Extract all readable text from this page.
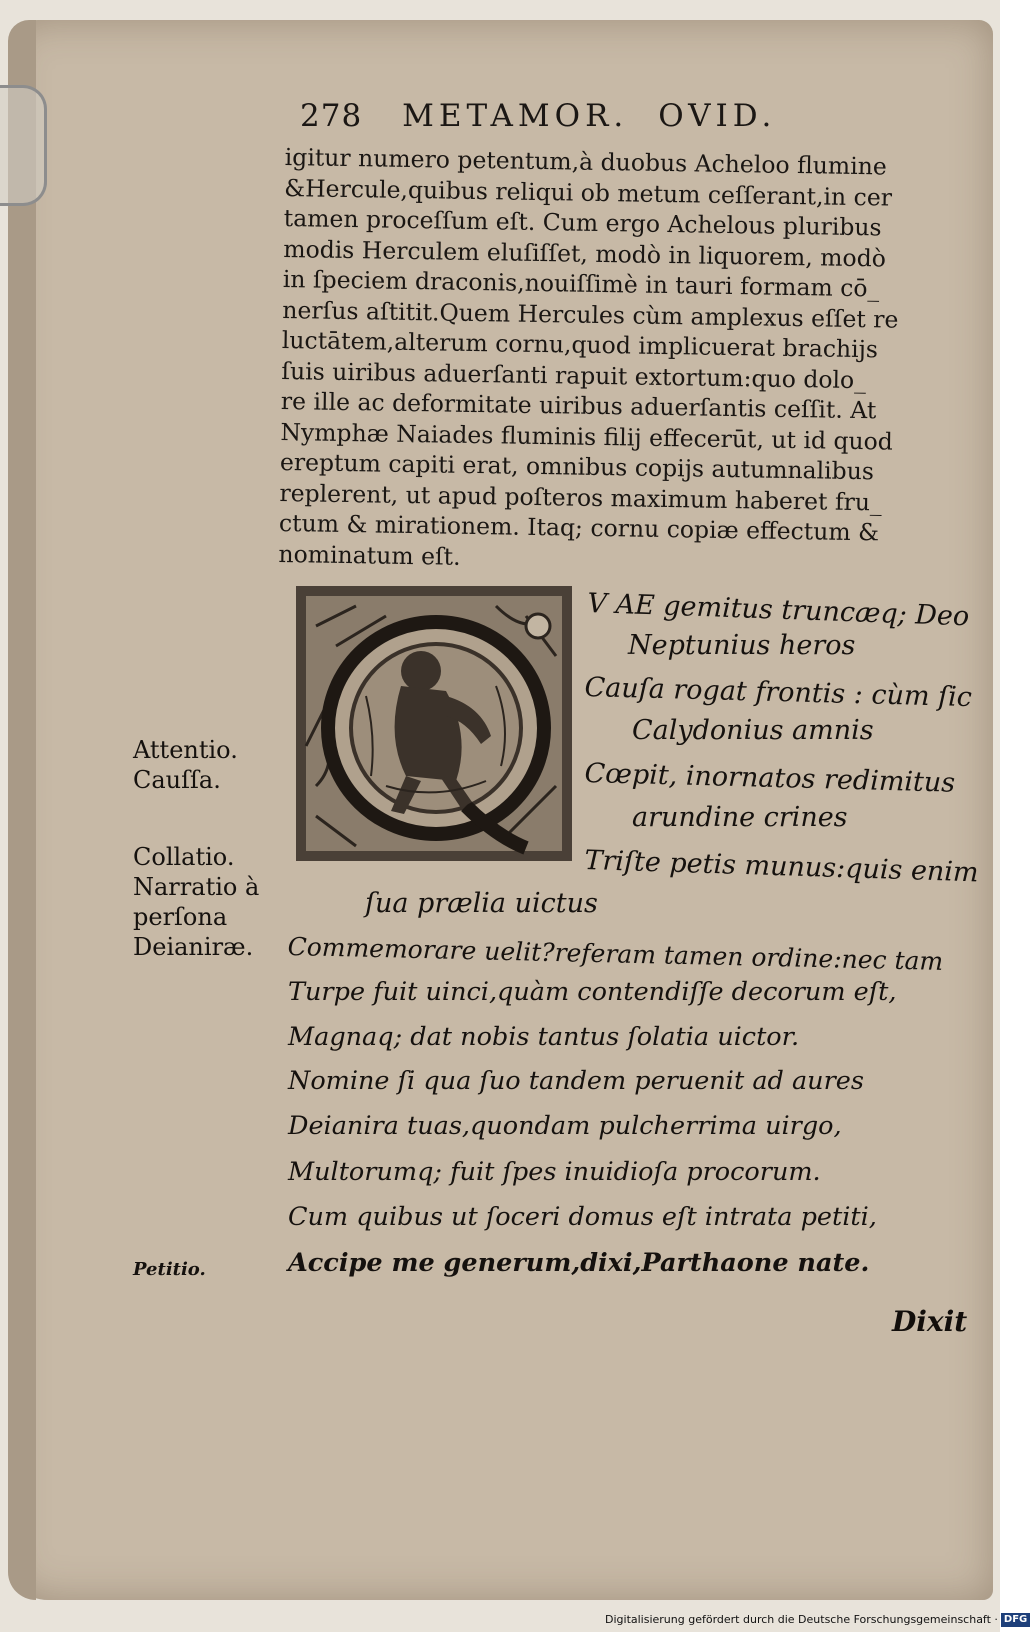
278 METAMOR. OVID.
igitur numero petentum,à duobus Acheloo flumine
&Hercule,quibus reliqui ob metum ceſſerant,in cer
tamen proceſſum eſt. Cum ergo Achelous pluribus
modis Herculem eluſiſſet, modò in liquorem, modò
in ſpeciem draconis,nouiſſimè in tauri formam cō_
nerſus aſtitit.Quem Hercules cùm amplexus eſſet re
luctātem,alterum cornu,quod implicuerat brachijs
ſuis uiribus aduerſanti rapuit extortum:quo dolo_
re ille ac deformitate uiribus aduerſantis ceſſit. At
Nymphæ Naiades fluminis filij effecerūt, ut id quod
ereptum capiti erat, omnibus copijs autumnalibus
replerent, ut apud poſteros maximum haberet fru_
ctum & mirationem. Itaq; cornu copiæ effectum &
nominatum eſt.
V AE gemitus truncæq; Deo
Neptunius heros
Cauſa rogat frontis : cùm ſic
Calydonius amnis
Cœpit, inornatos redimitus
arundine crines
Triſte petis munus:quis enim
ſua prælia uictus
Commemorare uelit?referam tamen ordine:nec tam
Turpe fuit uinci,quàm contendiſſe decorum eſt,
Magnaq; dat nobis tantus ſolatia uictor.
Nomine ſi qua ſuo tandem peruenit ad aures
Deianira tuas,quondam pulcherrima uirgo,
Multorumq; fuit ſpes inuidioſa procorum.
Cum quibus ut ſoceri domus eſt intrata petiti,
Accipe me generum,dixi,Parthaone nate.
Attentio.
Cauſſa.
Collatio.
Narratio à
perſona
Deianiræ.
Petitio.
Dixit
Digitalisierung gefördert durch die Deutsche Forschungsgemeinschaft · DFG
